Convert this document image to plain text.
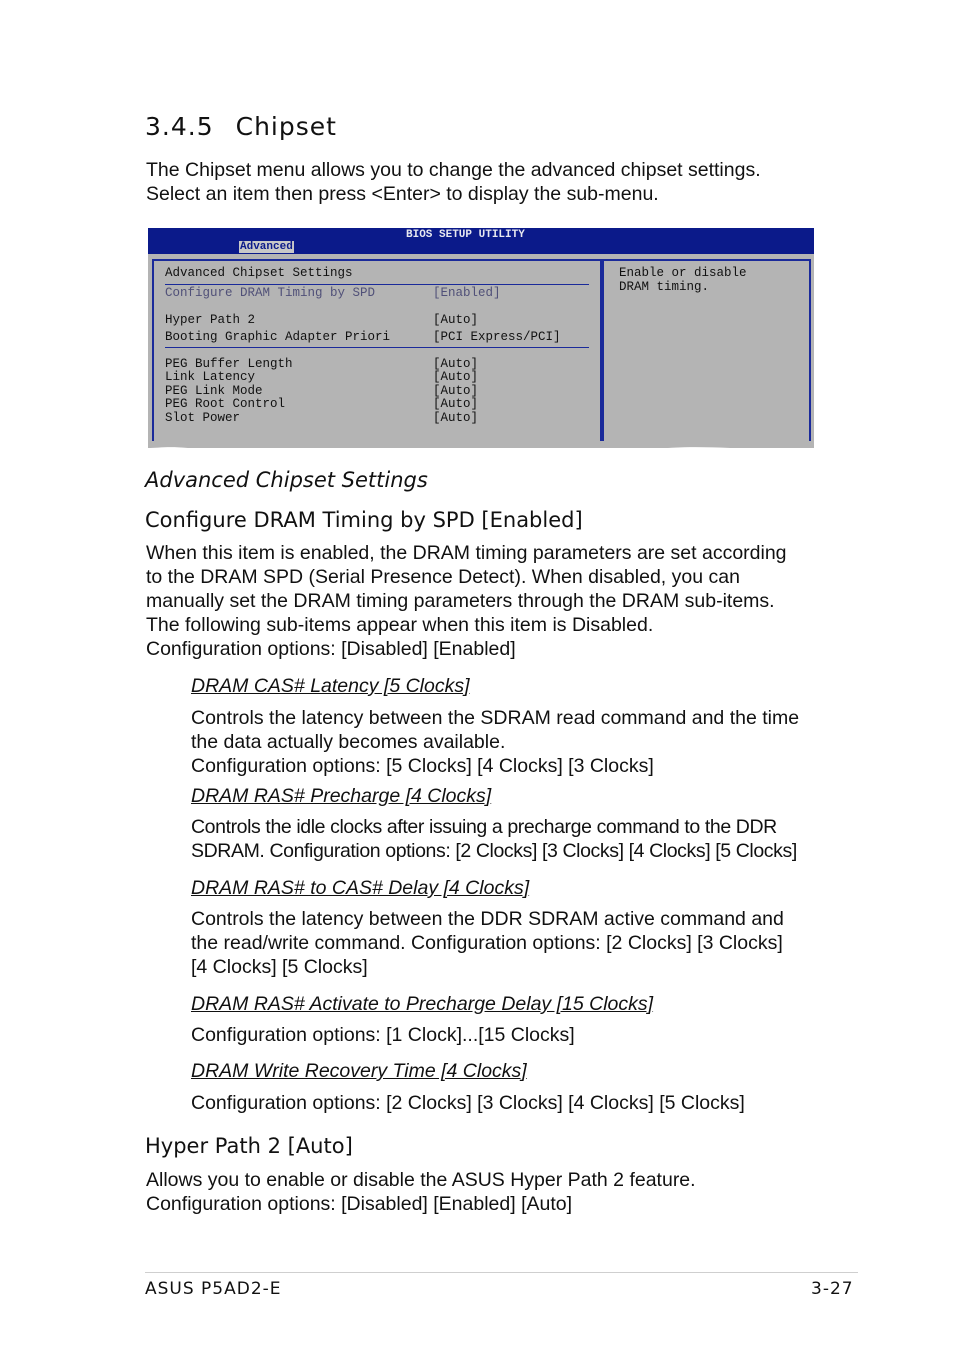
3.4.5 Chipset
The Chipset menu allows you to change the advanced chipset settings.
Select an item then press <Enter> to display the sub-menu.
BIOS SETUP UTILITY
Advanced
Advanced Chipset Settings
Configure DRAM Timing by SPD	[Enabled]
Hyper Path 2	[Auto]
Booting Graphic Adapter Priori	[PCI Express/PCI]
PEG Buffer Length	[Auto]
Link Latency	[Auto]
PEG Link Mode	[Auto]
PEG Root Control	[Auto]
Slot Power	[Auto]
Enable or disable
DRAM timing.
Advanced Chipset Settings
Configure DRAM Timing by SPD [Enabled]
When this item is enabled, the DRAM timing parameters are set according
to the DRAM SPD (Serial Presence Detect). When disabled, you can
manually set the DRAM timing parameters through the DRAM sub-items.
The following sub-items appear when this item is Disabled.
Configuration options: [Disabled] [Enabled]
DRAM CAS# Latency [5 Clocks]
Controls the latency between the SDRAM read command and the time
the data actually becomes available.
Configuration options: [5 Clocks] [4 Clocks] [3 Clocks]
DRAM RAS# Precharge [4 Clocks]
Controls the idle clocks after issuing a precharge command to the DDR
SDRAM. Configuration options: [2 Clocks] [3 Clocks] [4 Clocks] [5 Clocks]
DRAM RAS# to CAS# Delay [4 Clocks]
Controls the latency between the DDR SDRAM active command and
the read/write command. Configuration options: [2 Clocks] [3 Clocks]
[4 Clocks] [5 Clocks]
DRAM RAS# Activate to Precharge Delay [15 Clocks]
Configuration options: [1 Clock]...[15 Clocks]
DRAM Write Recovery Time [4 Clocks]
Configuration options: [2 Clocks] [3 Clocks] [4 Clocks] [5 Clocks]
Hyper Path 2 [Auto]
Allows you to enable or disable the ASUS Hyper Path 2 feature.
Configuration options: [Disabled] [Enabled] [Auto]
ASUS P5AD2-E	3-27
